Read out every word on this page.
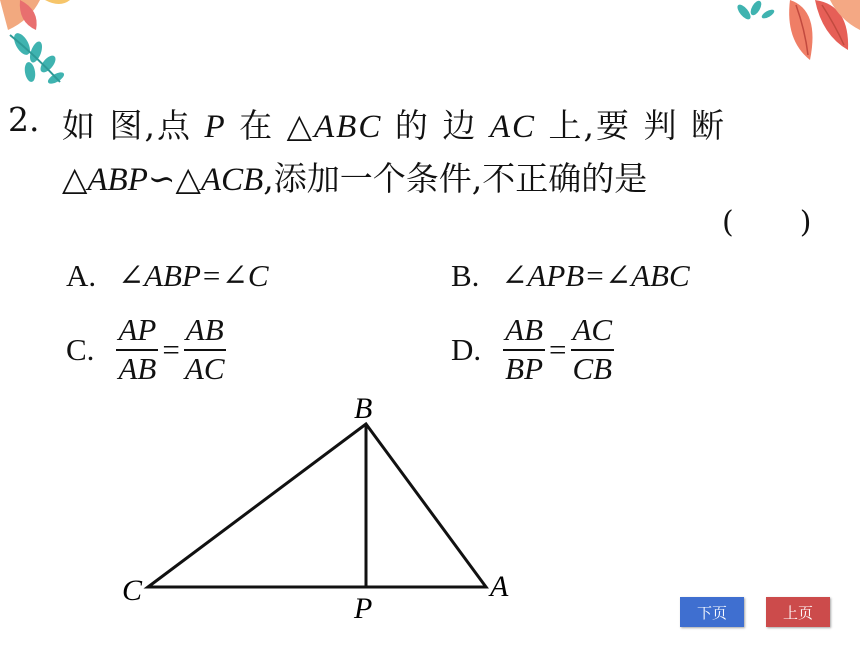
2. 如 图,点 P 在 △ABC 的 边 AC 上,要 判 断
△ABP∽△ACB,添加一个条件,不正确的是
( )
A. ∠ABP=∠C	B. ∠APB=∠ABC
C. $\frac{AP}{AB} = \frac{AB}{AC}$	D. $\frac{AB}{BP} = \frac{AC}{CB}$
B
C	A
P	下页	上页
